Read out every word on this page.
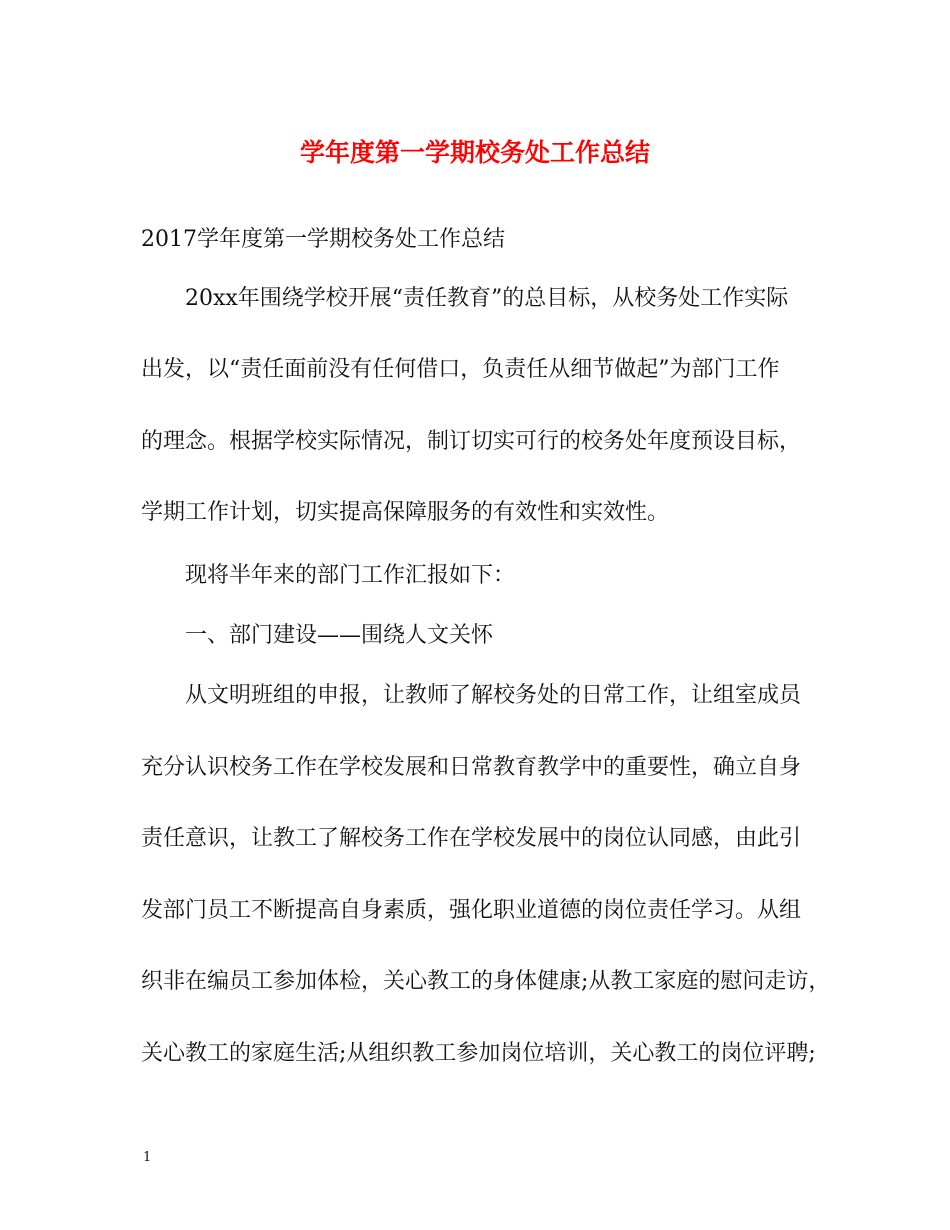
学年度第一学期校务处工作总结
2017学年度第一学期校务处工作总结
20xx年围绕学校开展“责任教育”的总目标，从校务处工作实际
出发，以“责任面前没有任何借口，负责任从细节做起”为部门工作
的理念。根据学校实际情况，制订切实可行的校务处年度预设目标，
学期工作计划，切实提高保障服务的有效性和实效性。
现将半年来的部门工作汇报如下：
一、部门建设——围绕人文关怀
从文明班组的申报，让教师了解校务处的日常工作，让组室成员
充分认识校务工作在学校发展和日常教育教学中的重要性，确立自身
责任意识，让教工了解校务工作在学校发展中的岗位认同感，由此引
发部门员工不断提高自身素质，强化职业道德的岗位责任学习。从组
织非在编员工参加体检，关心教工的身体健康;从教工家庭的慰问走访，
关心教工的家庭生活;从组织教工参加岗位培训，关心教工的岗位评聘;
1
